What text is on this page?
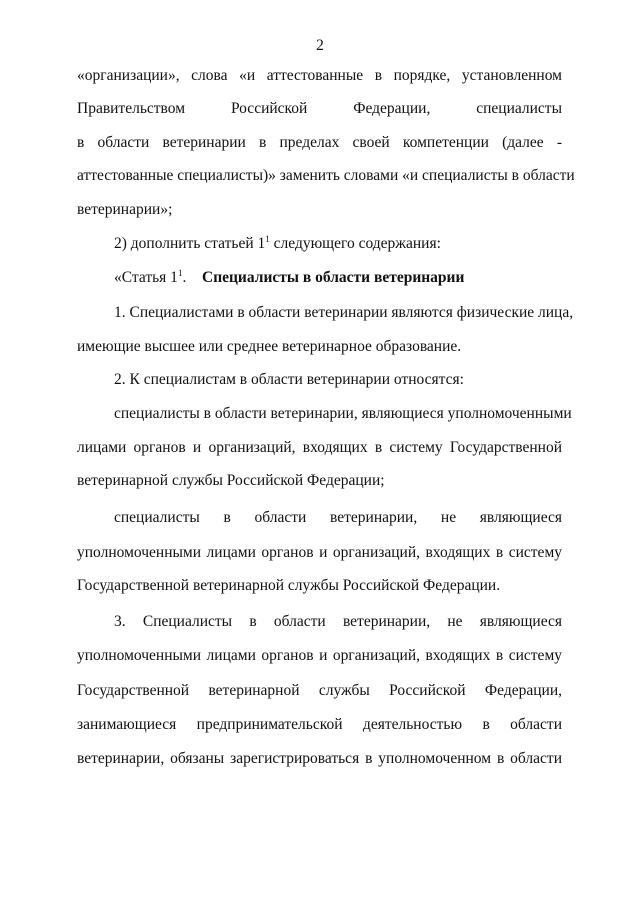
2
«организации», слова «и аттестованные в порядке, установленном
Правительством Российской Федерации, специалисты
в области ветеринарии в пределах своей компетенции (далее -
аттестованные специалисты)» заменить словами «и специалисты в области
ветеринарии»;
2) дополнить статьей $1^1$ следующего содержания:
«Статья $1^1$. Специалисты в области ветеринарии
1. Специалистами в области ветеринарии являются физические лица,
имеющие высшее или среднее ветеринарное образование.
2. К специалистам в области ветеринарии относятся:
специалисты в области ветеринарии, являющиеся уполномоченными
лицами органов и организаций, входящих в систему Государственной
ветеринарной службы Российской Федерации;
специалисты в области ветеринарии, не являющиеся
уполномоченными лицами органов и организаций, входящих в систему
Государственной ветеринарной службы Российской Федерации.
3. Специалисты в области ветеринарии, не являющиеся
уполномоченными лицами органов и организаций, входящих в систему
Государственной ветеринарной службы Российской Федерации,
занимающиеся предпринимательской деятельностью в области
ветеринарии, обязаны зарегистрироваться в уполномоченном в области
